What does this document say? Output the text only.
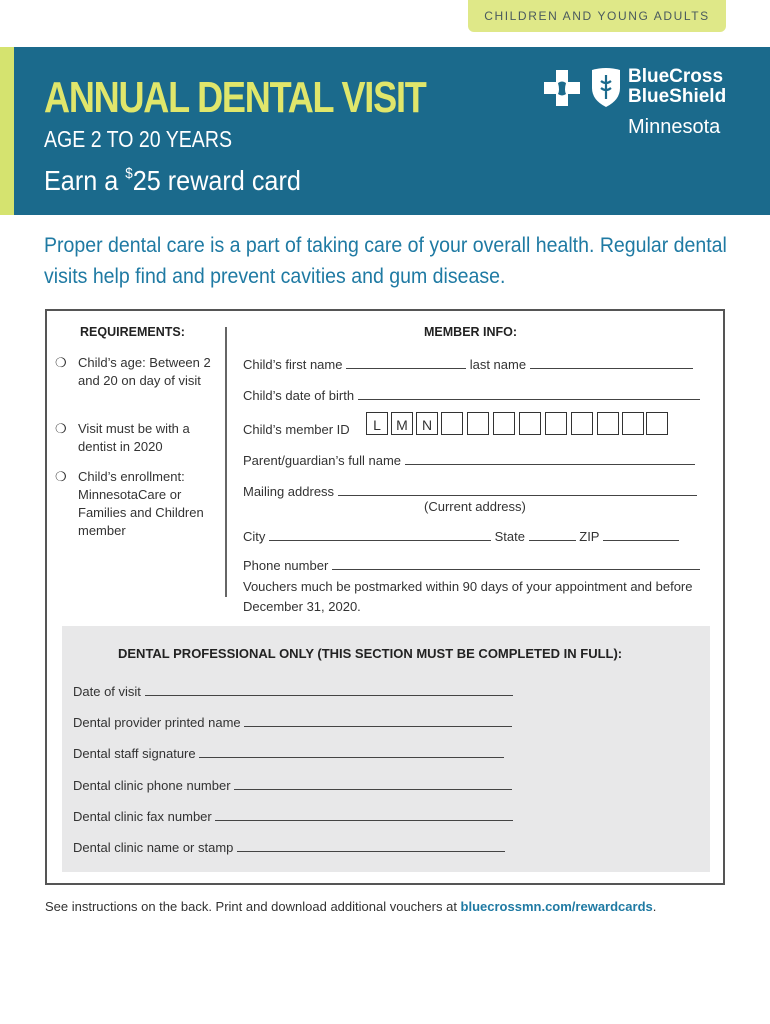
CHILDREN AND YOUNG ADULTS
ANNUAL DENTAL VISIT
AGE 2 TO 20 YEARS
Earn a $25 reward card
BlueCross
BlueShield
Minnesota
Proper dental care is a part of taking care of your overall health. Regular dental visits help find and prevent cavities and gum disease.
REQUIREMENTS:	MEMBER INFO:
❍ Child’s age: Between 2 and 20 on day of visit
❍ Visit must be with a dentist in 2020
❍ Child’s enrollment: MinnesotaCare or Families and Children member
Child’s first name	last name
Child’s date of birth
Child’s member ID	L	M	N
Parent/guardian’s full name
Mailing address
(Current address)
City	State	ZIP
Phone number
Vouchers much be postmarked within 90 days of your appointment and before December 31, 2020.
DENTAL PROFESSIONAL ONLY (THIS SECTION MUST BE COMPLETED IN FULL):
Date of visit
Dental provider printed name
Dental staff signature
Dental clinic phone number
Dental clinic fax number
Dental clinic name or stamp
See instructions on the back. Print and download additional vouchers at bluecrossmn.com/rewardcards.
